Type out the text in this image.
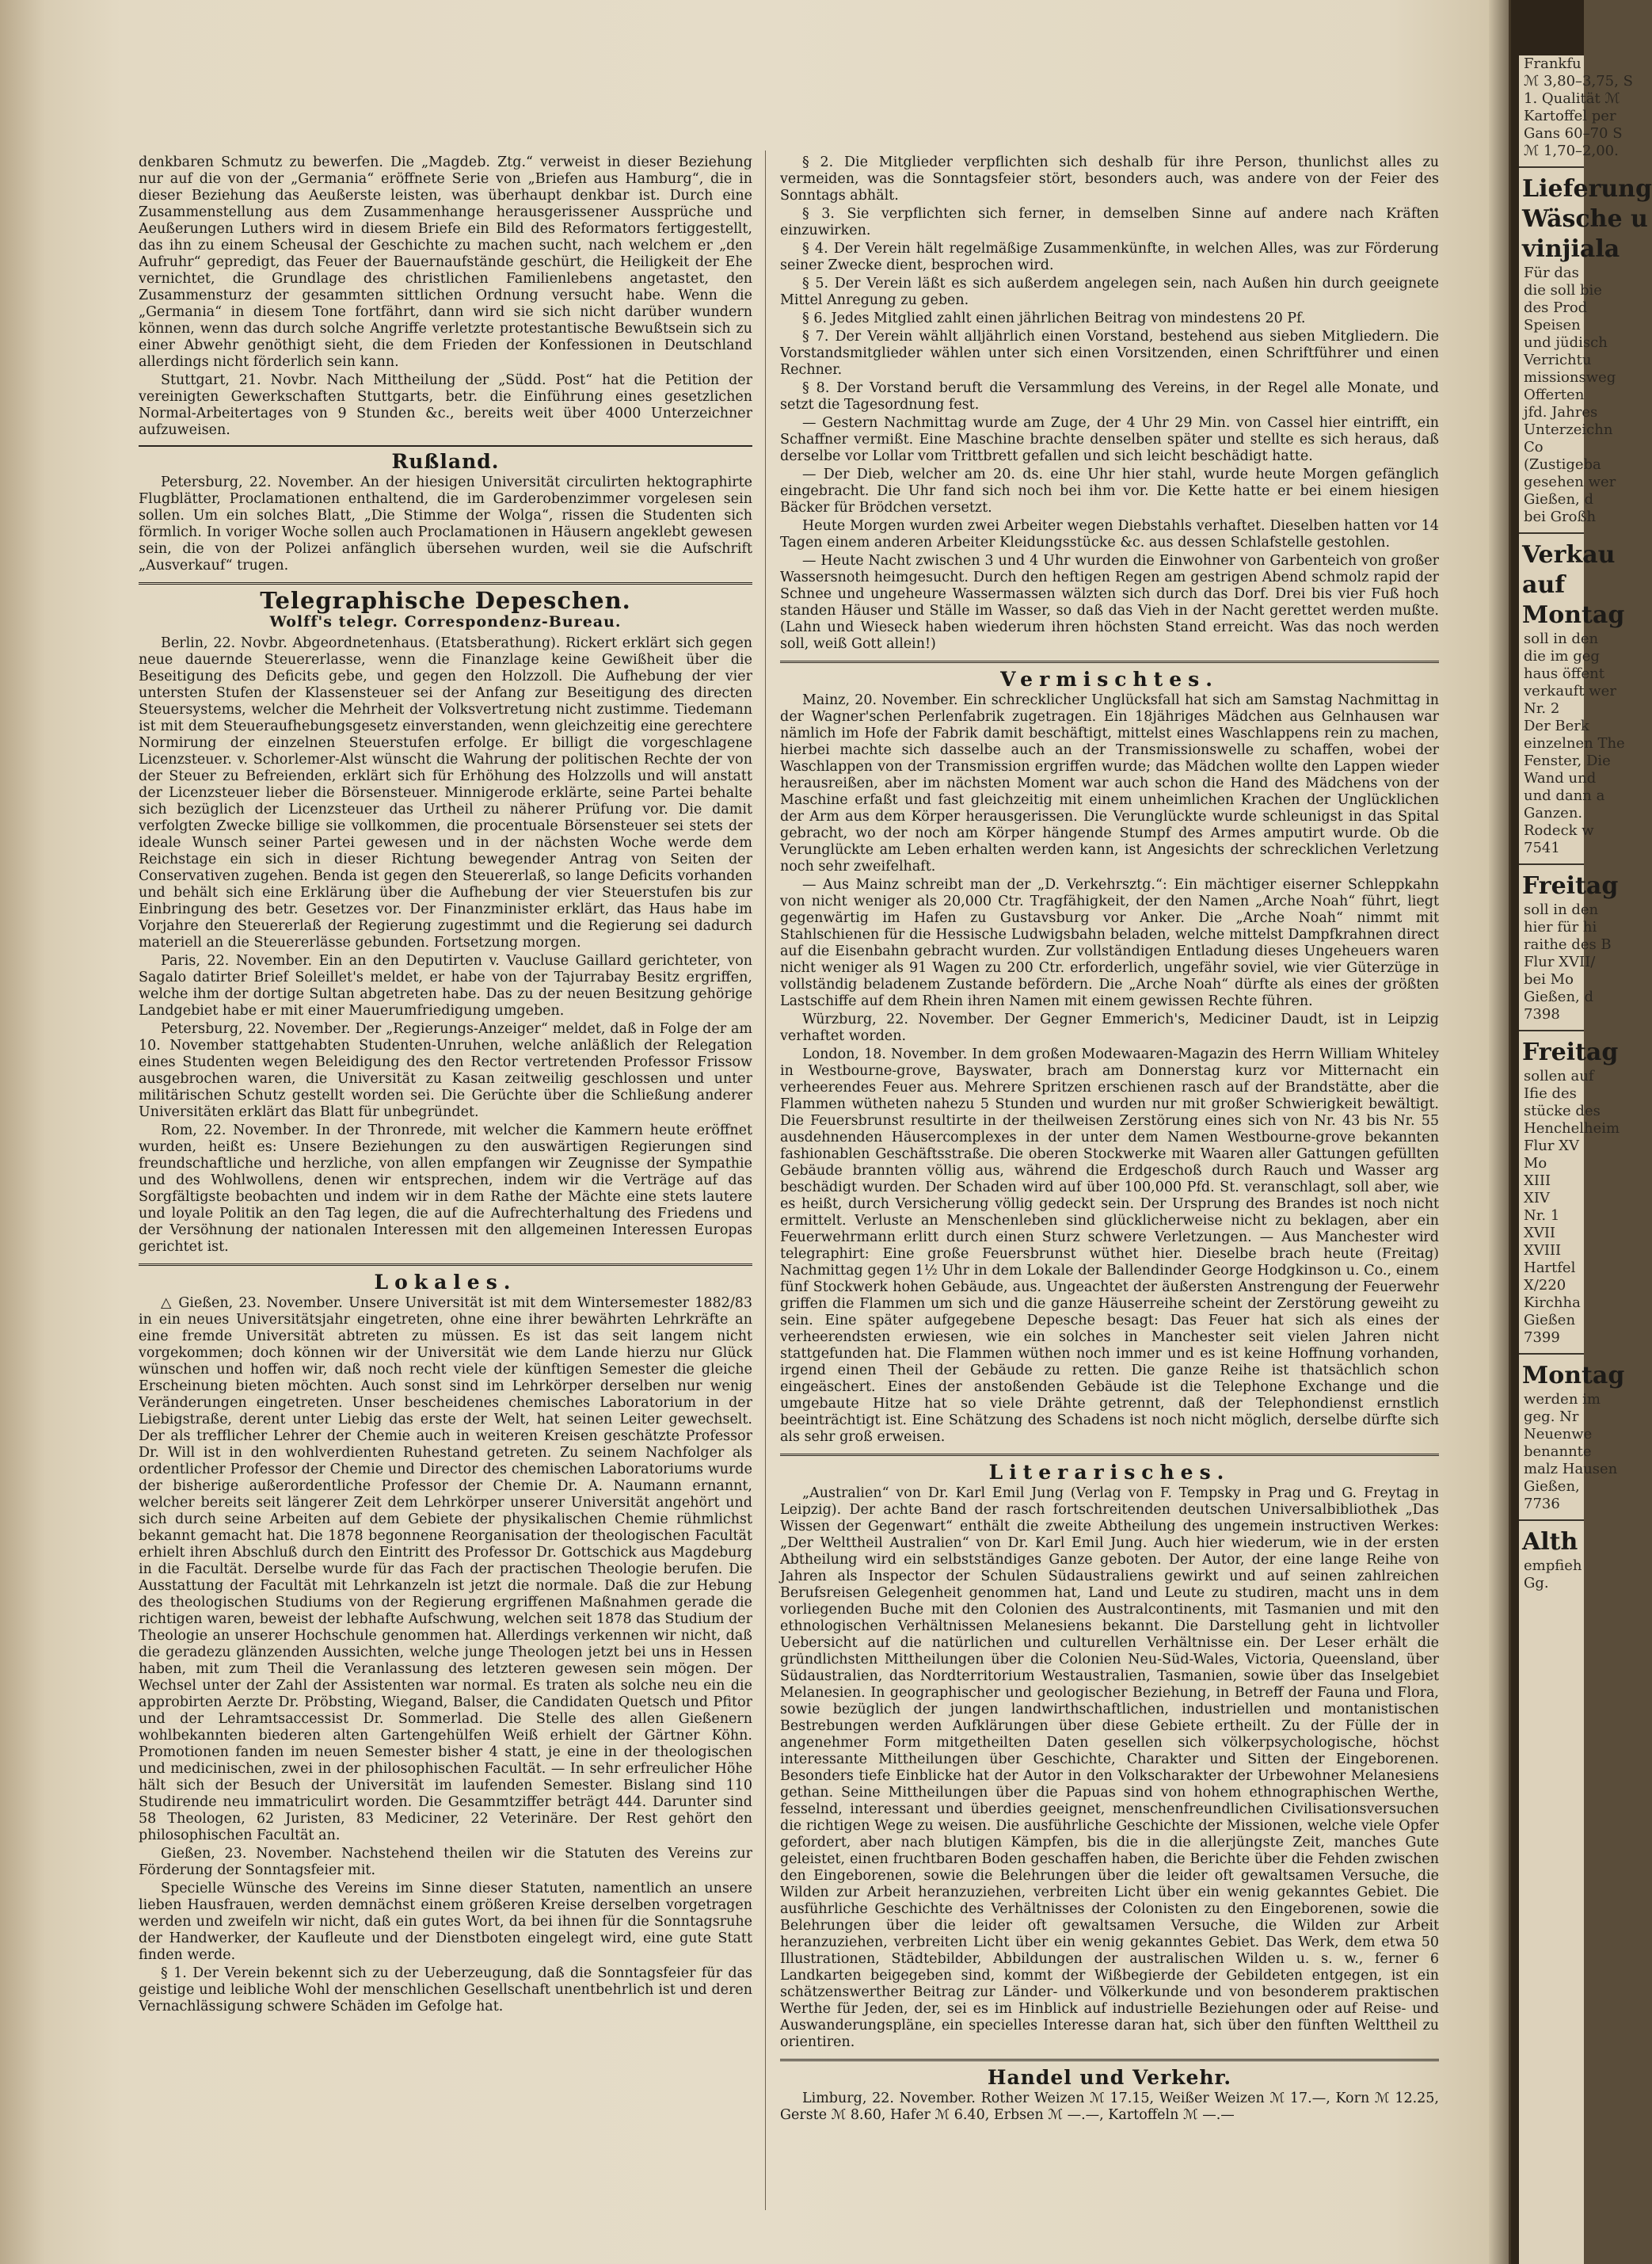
Frankfu
ℳ 3,80–3,75, S
1. Qualität ℳ
Kartoffel per
Gans 60–70 S
ℳ 1,70–2,00.
Lieferung
Wäsche u
vinjiala
Für das
die soll bie
des Prod
Speisen
und jüdisch
Verrichtu
missionsweg
Offerten
jfd. Jahres
Unterzeichn
Co
(Zustigeba
gesehen wer
Gießen, d
bei Großh
Verkau
auf
Montag
soll in den
die im geg
haus öffent
verkauft wer
Nr. 2
Der Berk
einzelnen The
Fenster, Die
Wand und
und dann a
Ganzen.
Rodeck w
7541
Freitag
soll in den
hier für hi
raithe des B
Flur XVII/
bei Mo
Gießen, d
7398
Freitag
sollen auf
Ifie des
stücke des
Henchelheim
Flur XV
Mo
XIII
XIV
Nr. 1
XVII
XVIII
Hartfel
X/220
Kirchha
Gießen
7399
Montag
werden im
geg. Nr
Neuenwe
benannte
malz Hausen
Gießen,
7736
Alth
empfieh
Gg.

denkbaren Schmutz zu bewerfen. Die „Magdeb. Ztg.“ verweist in dieser Beziehung nur auf die von der „Germania“ eröffnete Serie von „Briefen aus Hamburg“, die in dieser Beziehung das Aeußerste leisten, was überhaupt denkbar ist. Durch eine Zusammenstellung aus dem Zusammenhange herausgerissener Aussprüche und Aeußerungen Luthers wird in diesem Briefe ein Bild des Reformators fertiggestellt, das ihn zu einem Scheusal der Geschichte zu machen sucht, nach welchem er „den Aufruhr“ gepredigt, das Feuer der Bauernaufstände geschürt, die Heiligkeit der Ehe vernichtet, die Grundlage des christlichen Familienlebens angetastet, den Zusammensturz der gesammten sittlichen Ordnung versucht habe. Wenn die „Germania“ in diesem Tone fortfährt, dann wird sie sich nicht darüber wundern können, wenn das durch solche Angriffe verletzte protestantische Bewußtsein sich zu einer Abwehr genöthigt sieht, die dem Frieden der Konfessionen in Deutschland allerdings nicht förderlich sein kann.

Stuttgart, 21. Novbr. Nach Mittheilung der „Südd. Post“ hat die Petition der vereinigten Gewerkschaften Stuttgarts, betr. die Einführung eines gesetzlichen Normal-Arbeitertages von 9 Stunden &c., bereits weit über 4000 Unterzeichner aufzuweisen.

Rußland.

Petersburg, 22. November. An der hiesigen Universität circulirten hektographirte Flugblätter, Proclamationen enthaltend, die im Garderobenzimmer vorgelesen sein sollen. Um ein solches Blatt, „Die Stimme der Wolga“, rissen die Studenten sich förmlich. In voriger Woche sollen auch Proclamationen in Häusern angeklebt gewesen sein, die von der Polizei anfänglich übersehen wurden, weil sie die Aufschrift „Ausverkauf“ trugen.

Telegraphische Depeschen.
Wolff's telegr. Correspondenz-Bureau.

Berlin, 22. Novbr. Abgeordnetenhaus. (Etatsberathung). Rickert erklärt sich gegen neue dauernde Steuererlasse, wenn die Finanzlage keine Gewißheit über die Beseitigung des Deficits gebe, und gegen den Holzzoll. Die Aufhebung der vier untersten Stufen der Klassensteuer sei der Anfang zur Beseitigung des directen Steuersystems, welcher die Mehrheit der Volksvertretung nicht zustimme. Tiedemann ist mit dem Steueraufhebungsgesetz einverstanden, wenn gleichzeitig eine gerechtere Normirung der einzelnen Steuerstufen erfolge. Er billigt die vorgeschlagene Licenzsteuer. v. Schorlemer-Alst wünscht die Wahrung der politischen Rechte der von der Steuer zu Befreienden, erklärt sich für Erhöhung des Holzzolls und will anstatt der Licenzsteuer lieber die Börsensteuer. Minnigerode erklärte, seine Partei behalte sich bezüglich der Licenzsteuer das Urtheil zu näherer Prüfung vor. Die damit verfolgten Zwecke billige sie vollkommen, die procentuale Börsensteuer sei stets der ideale Wunsch seiner Partei gewesen und in der nächsten Woche werde dem Reichstage ein sich in dieser Richtung bewegender Antrag von Seiten der Conservativen zugehen. Benda ist gegen den Steuererlaß, so lange Deficits vorhanden und behält sich eine Erklärung über die Aufhebung der vier Steuerstufen bis zur Einbringung des betr. Gesetzes vor. Der Finanzminister erklärt, das Haus habe im Vorjahre den Steuererlaß der Regierung zugestimmt und die Regierung sei dadurch materiell an die Steuererlässe gebunden. Fortsetzung morgen.

Paris, 22. November. Ein an den Deputirten v. Vaucluse Gaillard gerichteter, von Sagalo datirter Brief Soleillet's meldet, er habe von der Tajurrabay Besitz ergriffen, welche ihm der dortige Sultan abgetreten habe. Das zu der neuen Besitzung gehörige Landgebiet habe er mit einer Mauerumfriedigung umgeben.

Petersburg, 22. November. Der „Regierungs-Anzeiger“ meldet, daß in Folge der am 10. November stattgehabten Studenten-Unruhen, welche anläßlich der Relegation eines Studenten wegen Beleidigung des den Rector vertretenden Professor Frissow ausgebrochen waren, die Universität zu Kasan zeitweilig geschlossen und unter militärischen Schutz gestellt worden sei. Die Gerüchte über die Schließung anderer Universitäten erklärt das Blatt für unbegründet.

Rom, 22. November. In der Thronrede, mit welcher die Kammern heute eröffnet wurden, heißt es: Unsere Beziehungen zu den auswärtigen Regierungen sind freundschaftliche und herzliche, von allen empfangen wir Zeugnisse der Sympathie und des Wohlwollens, denen wir entsprechen, indem wir die Verträge auf das Sorgfältigste beobachten und indem wir in dem Rathe der Mächte eine stets lautere und loyale Politik an den Tag legen, die auf die Aufrechterhaltung des Friedens und der Versöhnung der nationalen Interessen mit den allgemeinen Interessen Europas gerichtet ist.

Lokales.

△ Gießen, 23. November. Unsere Universität ist mit dem Wintersemester 1882/83 in ein neues Universitätsjahr eingetreten, ohne eine ihrer bewährten Lehrkräfte an eine fremde Universität abtreten zu müssen. Es ist das seit langem nicht vorgekommen; doch können wir der Universität wie dem Lande hierzu nur Glück wünschen und hoffen wir, daß noch recht viele der künftigen Semester die gleiche Erscheinung bieten möchten. Auch sonst sind im Lehrkörper derselben nur wenig Veränderungen eingetreten. Unser bescheidenes chemisches Laboratorium in der Liebigstraße, derent unter Liebig das erste der Welt, hat seinen Leiter gewechselt. Der als trefflicher Lehrer der Chemie auch in weiteren Kreisen geschätzte Professor Dr. Will ist in den wohlverdienten Ruhestand getreten. Zu seinem Nachfolger als ordentlicher Professor der Chemie und Director des chemischen Laboratoriums wurde der bisherige außerordentliche Professor der Chemie Dr. A. Naumann ernannt, welcher bereits seit längerer Zeit dem Lehrkörper unserer Universität angehört und sich durch seine Arbeiten auf dem Gebiete der physikalischen Chemie rühmlichst bekannt gemacht hat. Die 1878 begonnene Reorganisation der theologischen Facultät erhielt ihren Abschluß durch den Eintritt des Professor Dr. Gottschick aus Magdeburg in die Facultät. Derselbe wurde für das Fach der practischen Theologie berufen. Die Ausstattung der Facultät mit Lehrkanzeln ist jetzt die normale. Daß die zur Hebung des theologischen Studiums von der Regierung ergriffenen Maßnahmen gerade die richtigen waren, beweist der lebhafte Aufschwung, welchen seit 1878 das Studium der Theologie an unserer Hochschule genommen hat. Allerdings verkennen wir nicht, daß die geradezu glänzenden Aussichten, welche junge Theologen jetzt bei uns in Hessen haben, mit zum Theil die Veranlassung des letzteren gewesen sein mögen. Der Wechsel unter der Zahl der Assistenten war normal. Es traten als solche neu ein die approbirten Aerzte Dr. Pröbsting, Wiegand, Balser, die Candidaten Quetsch und Pfitor und der Lehramtsaccessist Dr. Sommerlad. Die Stelle des allen Gießenern wohlbekannten biederen alten Gartengehülfen Weiß erhielt der Gärtner Köhn. Promotionen fanden im neuen Semester bisher 4 statt, je eine in der theologischen und medicinischen, zwei in der philosophischen Facultät. — In sehr erfreulicher Höhe hält sich der Besuch der Universität im laufenden Semester. Bislang sind 110 Studirende neu immatriculirt worden. Die Gesammtziffer beträgt 444. Darunter sind 58 Theologen, 62 Juristen, 83 Mediciner, 22 Veterinäre. Der Rest gehört den philosophischen Facultät an.

Gießen, 23. November. Nachstehend theilen wir die Statuten des Vereins zur Förderung der Sonntagsfeier mit.

Specielle Wünsche des Vereins im Sinne dieser Statuten, namentlich an unsere lieben Hausfrauen, werden demnächst einem größeren Kreise derselben vorgetragen werden und zweifeln wir nicht, daß ein gutes Wort, da bei ihnen für die Sonntagsruhe der Handwerker, der Kaufleute und der Dienstboten eingelegt wird, eine gute Statt finden werde.

§ 1. Der Verein bekennt sich zu der Ueberzeugung, daß die Sonntagsfeier für das geistige und leibliche Wohl der menschlichen Gesellschaft unentbehrlich ist und deren Vernachlässigung schwere Schäden im Gefolge hat.

§ 2. Die Mitglieder verpflichten sich deshalb für ihre Person, thunlichst alles zu vermeiden, was die Sonntagsfeier stört, besonders auch, was andere von der Feier des Sonntags abhält.

§ 3. Sie verpflichten sich ferner, in demselben Sinne auf andere nach Kräften einzuwirken.

§ 4. Der Verein hält regelmäßige Zusammenkünfte, in welchen Alles, was zur Förderung seiner Zwecke dient, besprochen wird.

§ 5. Der Verein läßt es sich außerdem angelegen sein, nach Außen hin durch geeignete Mittel Anregung zu geben.

§ 6. Jedes Mitglied zahlt einen jährlichen Beitrag von mindestens 20 Pf.

§ 7. Der Verein wählt alljährlich einen Vorstand, bestehend aus sieben Mitgliedern. Die Vorstandsmitglieder wählen unter sich einen Vorsitzenden, einen Schriftführer und einen Rechner.

§ 8. Der Vorstand beruft die Versammlung des Vereins, in der Regel alle Monate, und setzt die Tagesordnung fest.

— Gestern Nachmittag wurde am Zuge, der 4 Uhr 29 Min. von Cassel hier eintrifft, ein Schaffner vermißt. Eine Maschine brachte denselben später und stellte es sich heraus, daß derselbe vor Lollar vom Trittbrett gefallen und sich leicht beschädigt hatte.

— Der Dieb, welcher am 20. ds. eine Uhr hier stahl, wurde heute Morgen gefänglich eingebracht. Die Uhr fand sich noch bei ihm vor. Die Kette hatte er bei einem hiesigen Bäcker für Brödchen versetzt.

Heute Morgen wurden zwei Arbeiter wegen Diebstahls verhaftet. Dieselben hatten vor 14 Tagen einem anderen Arbeiter Kleidungsstücke &c. aus dessen Schlafstelle gestohlen.

— Heute Nacht zwischen 3 und 4 Uhr wurden die Einwohner von Garbenteich von großer Wassersnoth heimgesucht. Durch den heftigen Regen am gestrigen Abend schmolz rapid der Schnee und ungeheure Wassermassen wälzten sich durch das Dorf. Drei bis vier Fuß hoch standen Häuser und Ställe im Wasser, so daß das Vieh in der Nacht gerettet werden mußte. (Lahn und Wieseck haben wiederum ihren höchsten Stand erreicht. Was das noch werden soll, weiß Gott allein!)

Vermischtes.

Mainz, 20. November. Ein schrecklicher Unglücksfall hat sich am Samstag Nachmittag in der Wagner'schen Perlenfabrik zugetragen. Ein 18jähriges Mädchen aus Gelnhausen war nämlich im Hofe der Fabrik damit beschäftigt, mittelst eines Waschlappens rein zu machen, hierbei machte sich dasselbe auch an der Transmissionswelle zu schaffen, wobei der Waschlappen von der Transmission ergriffen wurde; das Mädchen wollte den Lappen wieder herausreißen, aber im nächsten Moment war auch schon die Hand des Mädchens von der Maschine erfaßt und fast gleichzeitig mit einem unheimlichen Krachen der Unglücklichen der Arm aus dem Körper herausgerissen. Die Verunglückte wurde schleunigst in das Spital gebracht, wo der noch am Körper hängende Stumpf des Armes amputirt wurde. Ob die Verunglückte am Leben erhalten werden kann, ist Angesichts der schrecklichen Verletzung noch sehr zweifelhaft.

— Aus Mainz schreibt man der „D. Verkehrsztg.“: Ein mächtiger eiserner Schleppkahn von nicht weniger als 20,000 Ctr. Tragfähigkeit, der den Namen „Arche Noah“ führt, liegt gegenwärtig im Hafen zu Gustavsburg vor Anker. Die „Arche Noah“ nimmt mit Stahlschienen für die Hessische Ludwigsbahn beladen, welche mittelst Dampfkrahnen direct auf die Eisenbahn gebracht wurden. Zur vollständigen Entladung dieses Ungeheuers waren nicht weniger als 91 Wagen zu 200 Ctr. erforderlich, ungefähr soviel, wie vier Güterzüge in vollständig beladenem Zustande befördern. Die „Arche Noah“ dürfte als eines der größten Lastschiffe auf dem Rhein ihren Namen mit einem gewissen Rechte führen.

Würzburg, 22. November. Der Gegner Emmerich's, Mediciner Daudt, ist in Leipzig verhaftet worden.

London, 18. November. In dem großen Modewaaren-Magazin des Herrn William Whiteley in Westbourne-grove, Bayswater, brach am Donnerstag kurz vor Mitternacht ein verheerendes Feuer aus. Mehrere Spritzen erschienen rasch auf der Brandstätte, aber die Flammen wütheten nahezu 5 Stunden und wurden nur mit großer Schwierigkeit bewältigt. Die Feuersbrunst resultirte in der theilweisen Zerstörung eines sich von Nr. 43 bis Nr. 55 ausdehnenden Häusercomplexes in der unter dem Namen Westbourne-grove bekannten fashionablen Geschäftsstraße. Die oberen Stockwerke mit Waaren aller Gattungen gefüllten Gebäude brannten völlig aus, während die Erdgeschoß durch Rauch und Wasser arg beschädigt wurden. Der Schaden wird auf über 100,000 Pfd. St. veranschlagt, soll aber, wie es heißt, durch Versicherung völlig gedeckt sein. Der Ursprung des Brandes ist noch nicht ermittelt. Verluste an Menschenleben sind glücklicherweise nicht zu beklagen, aber ein Feuerwehrmann erlitt durch einen Sturz schwere Verletzungen. — Aus Manchester wird telegraphirt: Eine große Feuersbrunst wüthet hier. Dieselbe brach heute (Freitag) Nachmittag gegen 1½ Uhr in dem Lokale der Ballendinder George Hodgkinson u. Co., einem fünf Stockwerk hohen Gebäude, aus. Ungeachtet der äußersten Anstrengung der Feuerwehr griffen die Flammen um sich und die ganze Häuserreihe scheint der Zerstörung geweiht zu sein. Eine später aufgegebene Depesche besagt: Das Feuer hat sich als eines der verheerendsten erwiesen, wie ein solches in Manchester seit vielen Jahren nicht stattgefunden hat. Die Flammen wüthen noch immer und es ist keine Hoffnung vorhanden, irgend einen Theil der Gebäude zu retten. Die ganze Reihe ist thatsächlich schon eingeäschert. Eines der anstoßenden Gebäude ist die Telephone Exchange und die umgebaute Hitze hat so viele Drähte getrennt, daß der Telephondienst ernstlich beeinträchtigt ist. Eine Schätzung des Schadens ist noch nicht möglich, derselbe dürfte sich als sehr groß erweisen.

Literarisches.

„Australien“ von Dr. Karl Emil Jung (Verlag von F. Tempsky in Prag und G. Freytag in Leipzig). Der achte Band der rasch fortschreitenden deutschen Universalbibliothek „Das Wissen der Gegenwart“ enthält die zweite Abtheilung des ungemein instructiven Werkes: „Der Welttheil Australien“ von Dr. Karl Emil Jung. Auch hier wiederum, wie in der ersten Abtheilung wird ein selbstständiges Ganze geboten. Der Autor, der eine lange Reihe von Jahren als Inspector der Schulen Südaustraliens gewirkt und auf seinen zahlreichen Berufsreisen Gelegenheit genommen hat, Land und Leute zu studiren, macht uns in dem vorliegenden Buche mit den Colonien des Australcontinents, mit Tasmanien und mit den ethnologischen Verhältnissen Melanesiens bekannt. Die Darstellung geht in lichtvoller Uebersicht auf die natürlichen und culturellen Verhältnisse ein. Der Leser erhält die gründlichsten Mittheilungen über die Colonien Neu-Süd-Wales, Victoria, Queensland, über Südaustralien, das Nordterritorium Westaustralien, Tasmanien, sowie über das Inselgebiet Melanesien. In geographischer und geologischer Beziehung, in Betreff der Fauna und Flora, sowie bezüglich der jungen landwirthschaftlichen, industriellen und montanistischen Bestrebungen werden Aufklärungen über diese Gebiete ertheilt. Zu der Fülle der in angenehmer Form mitgetheilten Daten gesellen sich völkerpsychologische, höchst interessante Mittheilungen über Geschichte, Charakter und Sitten der Eingeborenen. Besonders tiefe Einblicke hat der Autor in den Volkscharakter der Urbewohner Melanesiens gethan. Seine Mittheilungen über die Papuas sind von hohem ethnographischen Werthe, fesselnd, interessant und überdies geeignet, menschenfreundlichen Civilisationsversuchen die richtigen Wege zu weisen. Die ausführliche Geschichte der Missionen, welche viele Opfer gefordert, aber nach blutigen Kämpfen, bis die in die allerjüngste Zeit, manches Gute geleistet, einen fruchtbaren Boden geschaffen haben, die Berichte über die Fehden zwischen den Eingeborenen, sowie die Belehrungen über die leider oft gewaltsamen Versuche, die Wilden zur Arbeit heranzuziehen, verbreiten Licht über ein wenig gekanntes Gebiet. Die ausführliche Geschichte des Verhältnisses der Colonisten zu den Eingeborenen, sowie die Belehrungen über die leider oft gewaltsamen Versuche, die Wilden zur Arbeit heranzuziehen, verbreiten Licht über ein wenig gekanntes Gebiet. Das Werk, dem etwa 50 Illustrationen, Städtebilder, Abbildungen der australischen Wilden u. s. w., ferner 6 Landkarten beigegeben sind, kommt der Wißbegierde der Gebildeten entgegen, ist ein schätzenswerther Beitrag zur Länder- und Völkerkunde und von besonderem praktischen Werthe für Jeden, der, sei es im Hinblick auf industrielle Beziehungen oder auf Reise- und Auswanderungspläne, ein specielles Interesse daran hat, sich über den fünften Welttheil zu orientiren.

Handel und Verkehr.

Limburg, 22. November. Rother Weizen ℳ 17.15, Weißer Weizen ℳ 17.—, Korn ℳ 12.25, Gerste ℳ 8.60, Hafer ℳ 6.40, Erbsen ℳ —.—, Kartoffeln ℳ —.—
